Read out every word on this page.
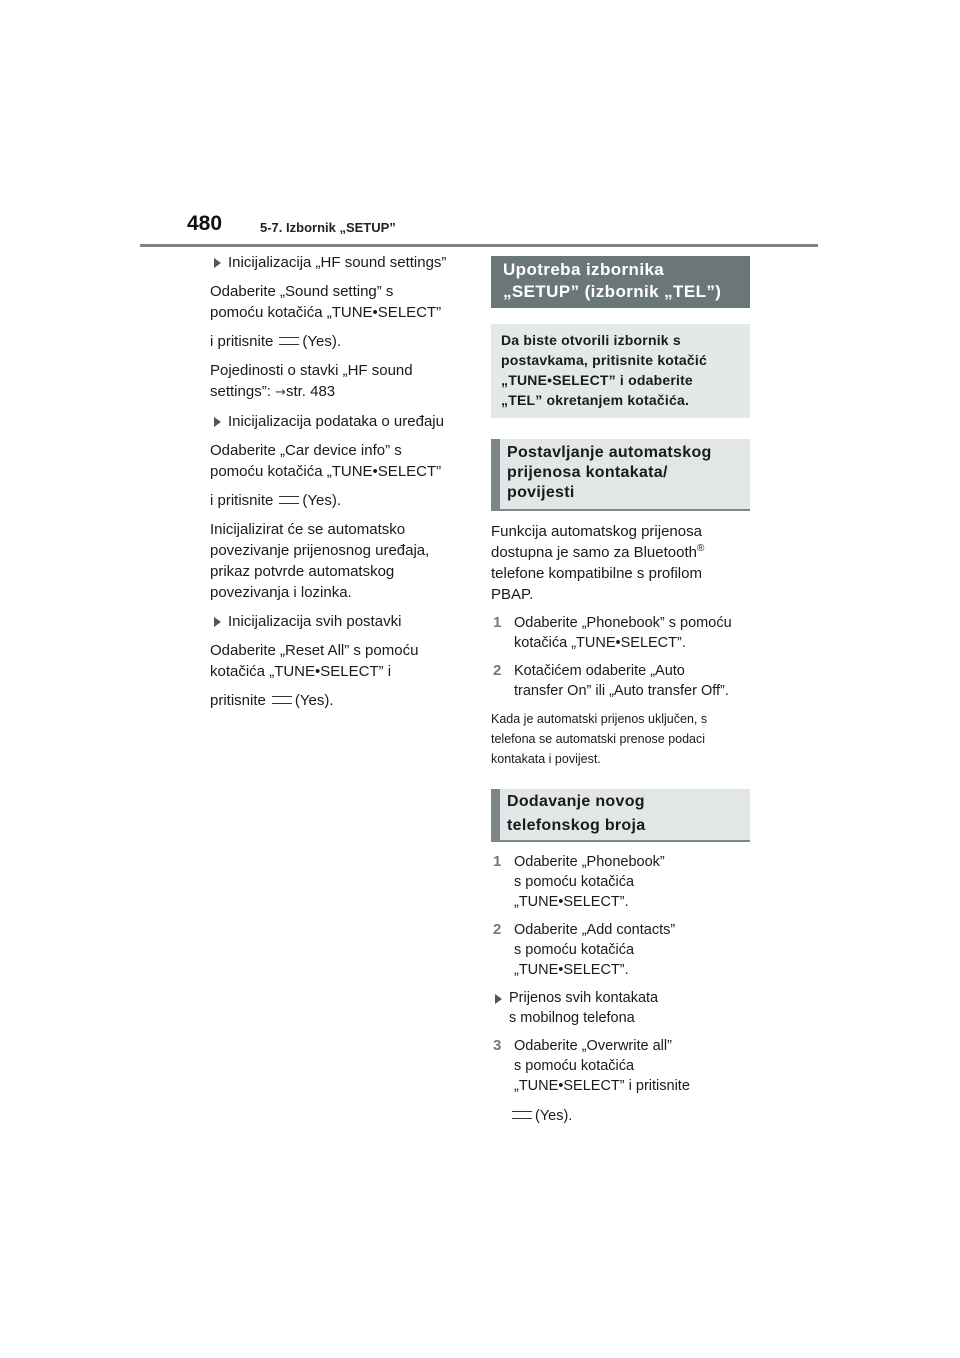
480	5-7. Izbornik „SETUP”
Inicijalizacija „HF sound settings”
Odaberite „Sound setting” s
pomoću kotačića „TUNE•SELECT”
i pritisnite (Yes).
Pojedinosti o stavki „HF sound
settings”: →str. 483
Inicijalizacija podataka o uređaju
Odaberite „Car device info” s
pomoću kotačića „TUNE•SELECT”
i pritisnite (Yes).
Inicijalizirat će se automatsko
povezivanje prijenosnog uređaja,
prikaz potvrde automatskog
povezivanja i lozinka.
Inicijalizacija svih postavki
Odaberite „Reset All” s pomoću
kotačića „TUNE•SELECT” i
pritisnite (Yes).
Upotreba izbornika
„SETUP” (izbornik „TEL”)
Da biste otvorili izbornik s
postavkama, pritisnite kotačić
„TUNE•SELECT” i odaberite
„TEL” okretanjem kotačića.
Postavljanje automatskog
prijenosa kontakata/
povijesti
Funkcija automatskog prijenosa
dostupna je samo za Bluetooth®
telefone kompatibilne s profilom
PBAP.
1 Odaberite „Phonebook” s pomoću
kotačića „TUNE•SELECT”.
2 Kotačićem odaberite „Auto
transfer On” ili „Auto transfer Off”.
Kada je automatski prijenos uključen, s
telefona se automatski prenose podaci
kontakata i povijest.
Dodavanje novog
telefonskog broja
1 Odaberite „Phonebook”
s pomoću kotačića
„TUNE•SELECT”.
2 Odaberite „Add contacts”
s pomoću kotačića
„TUNE•SELECT”.
Prijenos svih kontakata
s mobilnog telefona
3 Odaberite „Overwrite all”
s pomoću kotačića
„TUNE•SELECT” i pritisnite
(Yes).
